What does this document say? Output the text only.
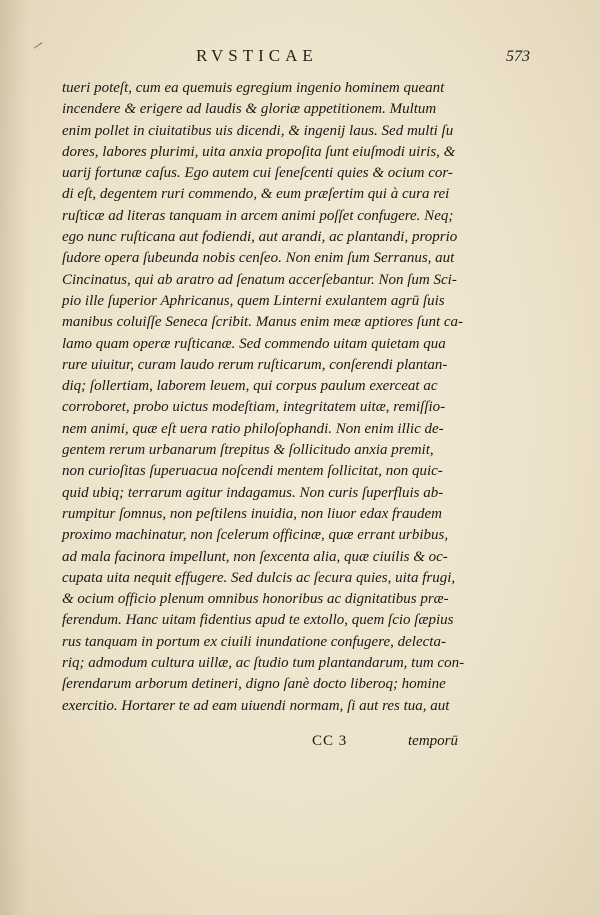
RVSTICAE	573
tueri poteſt, cum ea quemuis egregium ingenio hominem queant
incendere & erigere ad laudis & gloriæ appetitionem. Multum
enim pollet in ciuitatibus uis dicendi, & ingenij laus. Sed multi ſu
dores, labores plurimi, uita anxia propoſita ſunt eiuſmodi uiris, &
uarij fortunæ caſus. Ego autem cui ſeneſcenti quies & ocium cor-
di eſt, degentem ruri commendo, & eum præſertim qui à cura rei
ruſticæ ad literas tanquam in arcem animi poſſet confugere. Neq;
ego nunc ruſticana aut fodiendi, aut arandi, ac plantandi, proprio
ſudore opera ſubeunda nobis cenſeo. Non enim ſum Serranus, aut
Cincinatus, qui ab aratro ad ſenatum accerſebantur. Non ſum Sci-
pio ille ſuperior Aphricanus, quem Linterni exulantem agrū ſuis
manibus coluiſſe Seneca ſcribit. Manus enim meæ aptiores ſunt ca-
lamo quam operæ ruſticanæ. Sed commendo uitam quietam qua
rure uiuitur, curam laudo rerum ruſticarum, conſerendi plantan-
diq; ſollertiam, laborem leuem, qui corpus paulum exerceat ac
corroboret, probo uictus modeſtiam, integritatem uitæ, remiſſio-
nem animi, quæ eſt uera ratio philoſophandi. Non enim illic de-
gentem rerum urbanarum ſtrepitus & ſollicitudo anxia premit,
non curioſitas ſuperuacua noſcendi mentem ſollicitat, non quic-
quid ubiq; terrarum agitur indagamus. Non curis ſuperfluis ab-
rumpitur ſomnus, non peſtilens inuidia, non liuor edax fraudem
proximo machinatur, non ſcelerum officinæ, quæ errant urbibus,
ad mala facinora impellunt, non ſexcenta alia, quæ ciuilis & oc-
cupata uita nequit effugere. Sed dulcis ac ſecura quies, uita frugi,
& ocium officio plenum omnibus honoribus ac dignitatibus præ-
ferendum. Hanc uitam fidentius apud te extollo, quem ſcio ſæpius
rus tanquam in portum ex ciuili inundatione confugere, delecta-
riq; admodum cultura uillæ, ac ſtudio tum plantandarum, tum con-
ſerendarum arborum detineri, digno ſanè docto liberoq; homine
exercitio. Hortarer te ad eam uiuendi normam, ſi aut res tua, aut
CC 3	temporū
